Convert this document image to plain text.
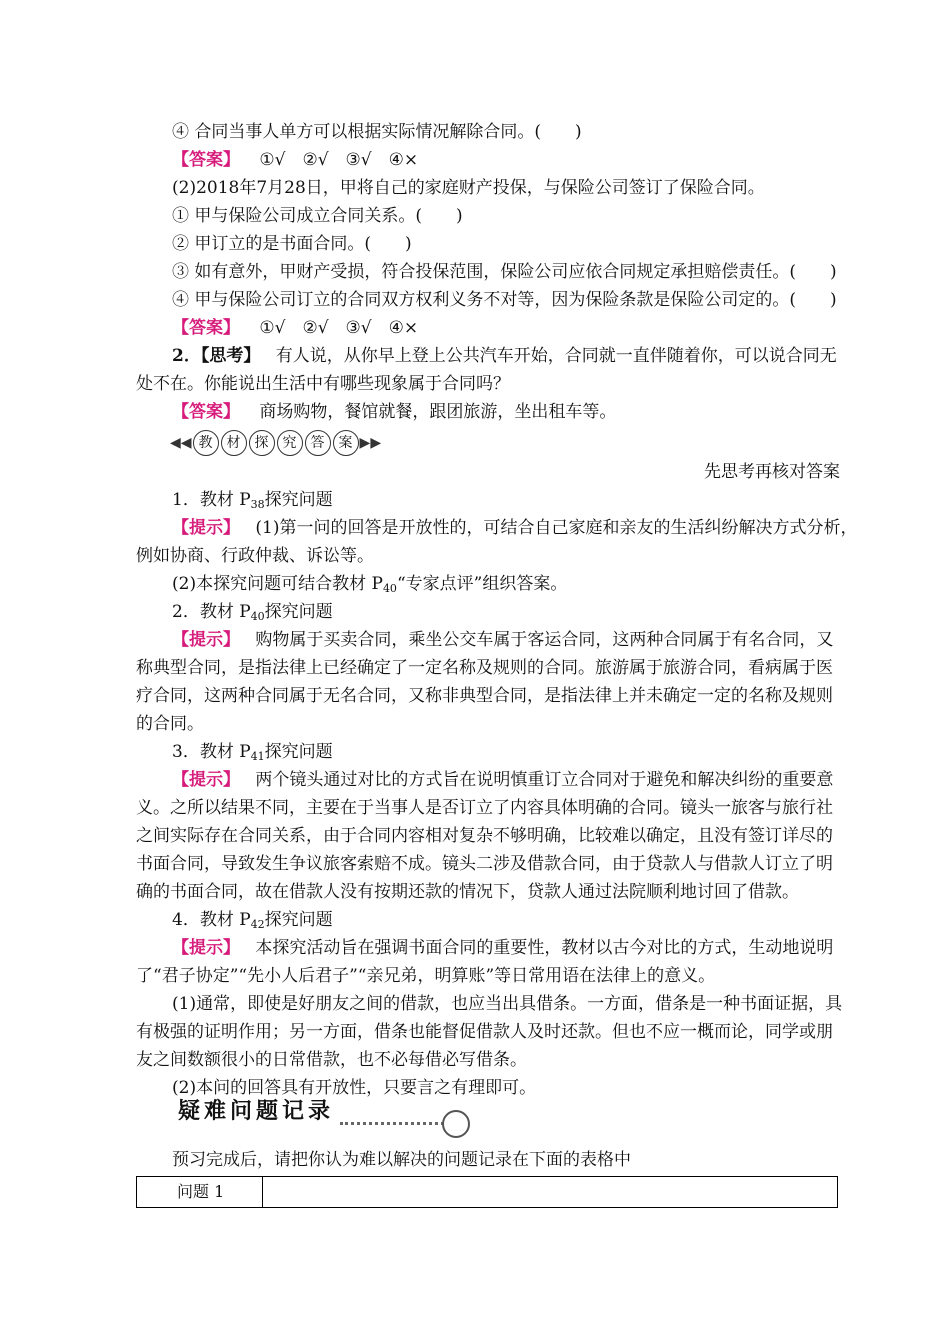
④ 合同当事人单方可以根据实际情况解除合同。(　　)
【答案】 ①√　②√　③√　④×
(2)2018年7月28日，甲将自己的家庭财产投保，与保险公司签订了保险合同。
① 甲与保险公司成立合同关系。(　　)
② 甲订立的是书面合同。(　　)
③ 如有意外，甲财产受损，符合投保范围，保险公司应依合同规定承担赔偿责任。(　　)
④ 甲与保险公司订立的合同双方权利义务不对等，因为保险条款是保险公司定的。(　　)
【答案】 ①√　②√　③√　④×
2．【思考】 有人说，从你早上登上公共汽车开始，合同就一直伴随着你，可以说合同无
处不在。你能说出生活中有哪些现象属于合同吗？
【答案】 商场购物，餐馆就餐，跟团旅游，坐出租车等。
◀◀ 教	材	探	究	答	案 ▶▶
先思考再核对答案
1．教材 $P_{38}$探究问题
【提示】 (1)第一问的回答是开放性的，可结合自己家庭和亲友的生活纠纷解决方式分析，
例如协商、行政仲裁、诉讼等。
(2)本探究问题可结合教材 $P_{40}“$专家点评”组织答案。
2．教材 $P_{40}$探究问题
【提示】 购物属于买卖合同，乘坐公交车属于客运合同，这两种合同属于有名合同，又
称典型合同，是指法律上已经确定了一定名称及规则的合同。旅游属于旅游合同，看病属于医
疗合同，这两种合同属于无名合同，又称非典型合同，是指法律上并未确定一定的名称及规则
的合同。
3．教材 $P_{41}$探究问题
【提示】 两个镜头通过对比的方式旨在说明慎重订立合同对于避免和解决纠纷的重要意
义。之所以结果不同，主要在于当事人是否订立了内容具体明确的合同。镜头一旅客与旅行社
之间实际存在合同关系，由于合同内容相对复杂不够明确，比较难以确定，且没有签订详尽的
书面合同，导致发生争议旅客索赔不成。镜头二涉及借款合同，由于贷款人与借款人订立了明
确的书面合同，故在借款人没有按期还款的情况下，贷款人通过法院顺利地讨回了借款。
4．教材 $P_{42}$探究问题
【提示】 本探究活动旨在强调书面合同的重要性，教材以古今对比的方式，生动地说明
了“君子协定”“先小人后君子”“亲兄弟，明算账”等日常用语在法律上的意义。
(1)通常，即使是好朋友之间的借款，也应当出具借条。一方面，借条是一种书面证据，具
有极强的证明作用；另一方面，借条也能督促借款人及时还款。但也不应一概而论，同学或朋
友之间数额很小的日常借款，也不必每借必写借条。
(2)本问的回答具有开放性，只要言之有理即可。
疑难问题记录
预习完成后，请把你认为难以解决的问题记录在下面的表格中
问题 1
